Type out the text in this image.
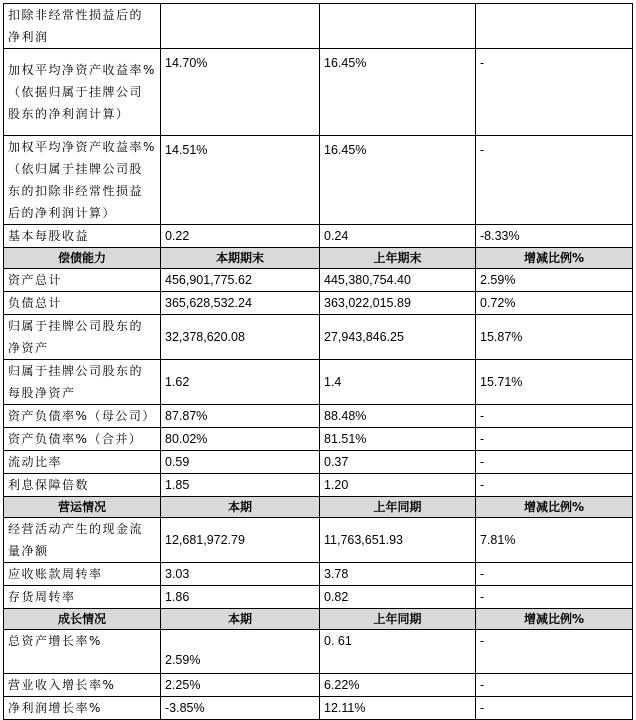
扣除非经常性损益后的净利润			
加权平均净资产收益率%（依据归属于挂牌公司股东的净利润计算）	14.70%	16.45%	-
加权平均净资产收益率%（依归属于挂牌公司股东的扣除非经常性损益后的净利润计算）	14.51%	16.45%	-
基本每股收益	0.22	0.24	-8.33%
偿债能力	本期期末	上年期末	增减比例%
资产总计	456,901,775.62	445,380,754.40	2.59%
负债总计	365,628,532.24	363,022,015.89	0.72%
归属于挂牌公司股东的净资产	32,378,620.08	27,943,846.25	15.87%
归属于挂牌公司股东的每股净资产	1.62	1.4	15.71%
资产负债率%（母公司）	87.87%	88.48%	-
资产负债率%（合并）	80.02%	81.51%	-
流动比率	0.59	0.37	-
利息保障倍数	1.85	1.20	-
营运情况	本期	上年同期	增减比例%
经营活动产生的现金流量净额	12,681,972.79	11,763,651.93	7.81%
应收账款周转率	3.03	3.78	-
存货周转率	1.86	0.82	-
成长情况	本期	上年同期	增减比例%
总资产增长率%	2.59%	0. 61	-
营业收入增长率%	2.25%	6.22%	-
净利润增长率%	-3.85%	12.11%	-
